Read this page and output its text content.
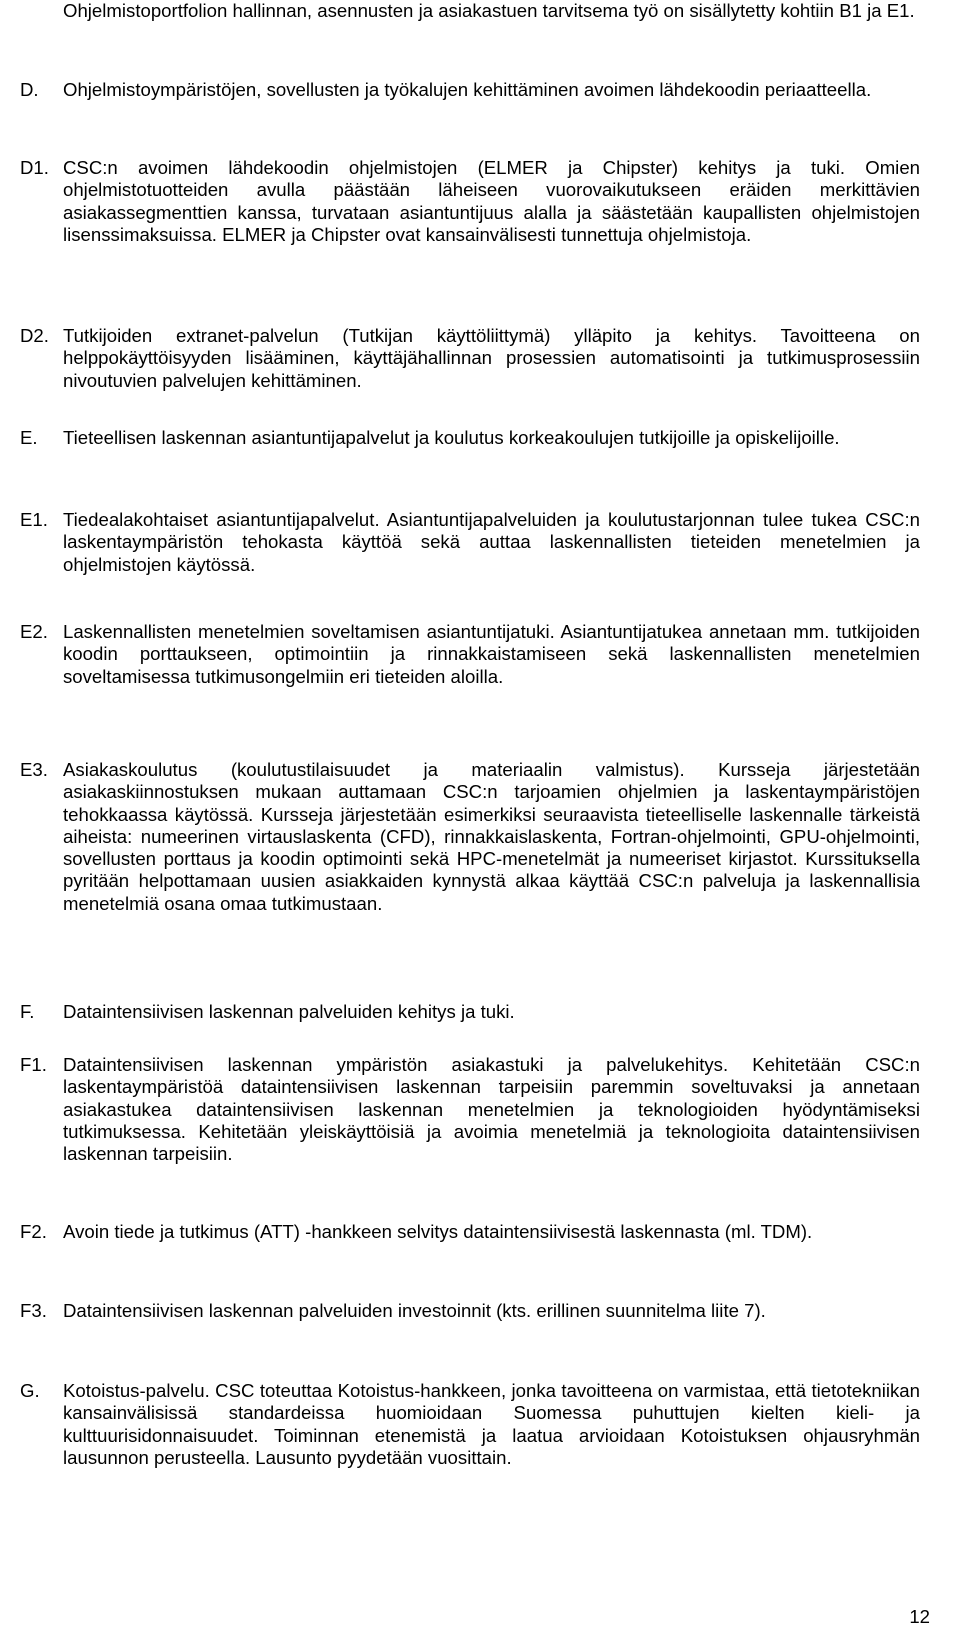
Ohjelmistoportfolion hallinnan, asennusten ja asiakastuen tarvitsema työ on sisällytetty kohtiin B1 ja E1.
D.	Ohjelmistoympäristöjen, sovellusten ja työkalujen kehittäminen avoimen lähdekoodin periaatteella.
D1. CSC:n avoimen lähdekoodin ohjelmistojen (ELMER ja Chipster) kehitys ja tuki. Omien ohjelmistotuotteiden avulla päästään läheiseen vuorovaikutukseen eräiden merkittävien asiakassegmenttien kanssa, turvataan asiantuntijuus alalla ja säästetään kaupallisten ohjelmistojen lisenssimaksuissa. ELMER ja Chipster ovat kansainvälisesti tunnettuja ohjelmistoja.
D2. Tutkijoiden extranet-palvelun (Tutkijan käyttöliittymä) ylläpito ja kehitys. Tavoitteena on helppokäyttöisyyden lisääminen, käyttäjähallinnan prosessien automatisointi ja tutkimusprosessiin nivoutuvien palvelujen kehittäminen.
E.	Tieteellisen laskennan asiantuntijapalvelut ja koulutus korkeakoulujen tutkijoille ja opiskelijoille.
E1. Tiedealakohtaiset asiantuntijapalvelut. Asiantuntijapalveluiden ja koulutustarjonnan tulee tukea CSC:n laskentaympäristön tehokasta käyttöä sekä auttaa laskennallisten tieteiden menetelmien ja ohjelmistojen käytössä.
E2. Laskennallisten menetelmien soveltamisen asiantuntijatuki. Asiantuntijatukea annetaan mm. tutkijoiden koodin porttaukseen, optimointiin ja rinnakkaistamiseen sekä laskennallisten menetelmien soveltamisessa tutkimusongelmiin eri tieteiden aloilla.
E3. Asiakaskoulutus (koulutustilaisuudet ja materiaalin valmistus). Kursseja järjestetään asiakaskiinnostuksen mukaan auttamaan CSC:n tarjoamien ohjelmien ja laskentaympäristöjen tehokkaassa käytössä. Kursseja järjestetään esimerkiksi seuraavista tieteelliselle laskennalle tärkeistä aiheista: numeerinen virtauslaskenta (CFD), rinnakkaislaskenta, Fortran-ohjelmointi, GPU-ohjelmointi, sovellusten porttaus ja koodin optimointi sekä HPC-menetelmät ja numeeriset kirjastot. Kurssituksella pyritään helpottamaan uusien asiakkaiden kynnystä alkaa käyttää CSC:n palveluja ja laskennallisia menetelmiä osana omaa tutkimustaan.
F.	Dataintensiivisen laskennan palveluiden kehitys ja tuki.
F1. Dataintensiivisen laskennan ympäristön asiakastuki ja palvelukehitys. Kehitetään CSC:n laskentaympäristöä dataintensiivisen laskennan tarpeisiin paremmin soveltuvaksi ja annetaan asiakastukea dataintensiivisen laskennan menetelmien ja teknologioiden hyödyntämiseksi tutkimuksessa. Kehitetään yleiskäyttöisiä ja avoimia menetelmiä ja teknologioita dataintensiivisen laskennan tarpeisiin.
F2. Avoin tiede ja tutkimus (ATT) -hankkeen selvitys dataintensiivisestä laskennasta (ml. TDM).
F3. Dataintensiivisen laskennan palveluiden investoinnit (kts. erillinen suunnitelma liite 7).
G.	Kotoistus-palvelu. CSC toteuttaa Kotoistus-hankkeen, jonka tavoitteena on varmistaa, että tietotekniikan kansainvälisissä standardeissa huomioidaan Suomessa puhuttujen kielten kieli- ja kulttuurisidonnaisuudet. Toiminnan etenemistä ja laatua arvioidaan Kotoistuksen ohjausryhmän lausunnon perusteella. Lausunto pyydetään vuosittain.
12
